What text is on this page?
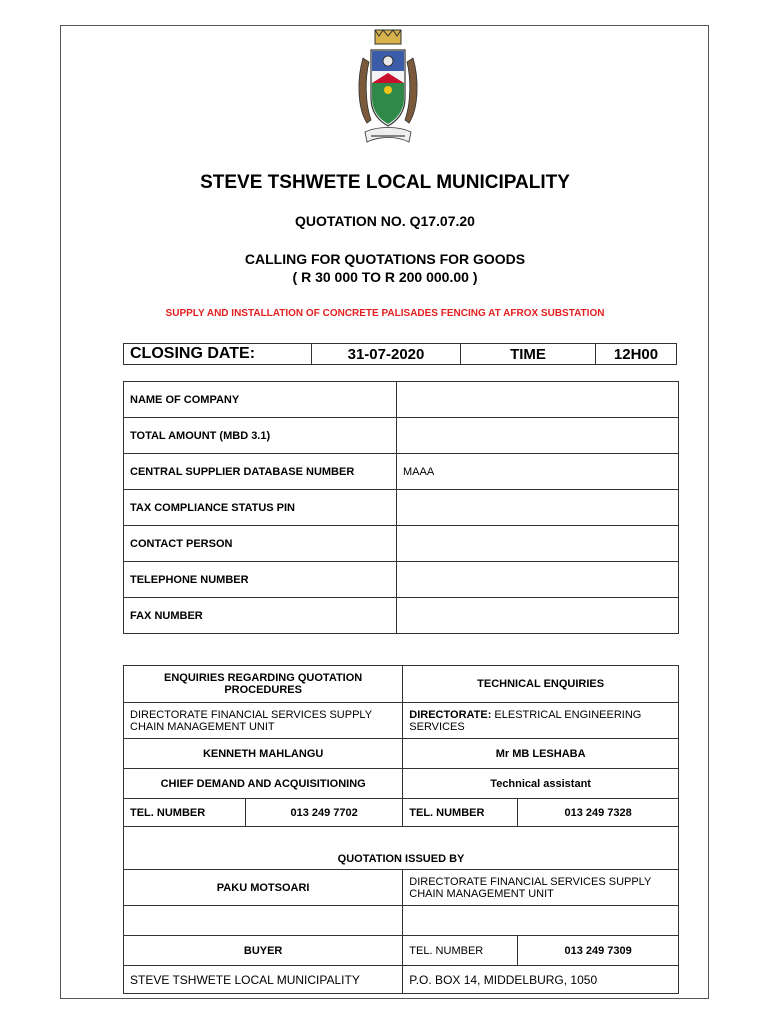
STEVE TSHWETE LOCAL MUNICIPALITY
QUOTATION NO. Q17.07.20
CALLING FOR QUOTATIONS FOR GOODS
( R 30 000 TO R 200 000.00 )
SUPPLY AND INSTALLATION OF CONCRETE PALISADES FENCING AT AFROX SUBSTATION
CLOSING DATE:	31-07-2020	TIME	12H00
NAME OF COMPANY	
TOTAL AMOUNT (MBD 3.1)	
CENTRAL SUPPLIER DATABASE NUMBER	MAAA
TAX COMPLIANCE STATUS PIN	
CONTACT PERSON	
TELEPHONE NUMBER	
FAX NUMBER	
ENQUIRIES REGARDING QUOTATION PROCEDURES		TECHNICAL ENQUIRIES	
DIRECTORATE FINANCIAL SERVICES SUPPLY CHAIN MANAGEMENT UNIT		DIRECTORATE: ELESTRICAL ENGINEERING SERVICES	
KENNETH MAHLANGU		Mr MB LESHABA	
CHIEF DEMAND AND ACQUISITIONING		Technical assistant	
TEL. NUMBER	013 249 7702	TEL. NUMBER	013 249 7328
QUOTATION ISSUED BY			
PAKU MOTSOARI		DIRECTORATE FINANCIAL SERVICES SUPPLY CHAIN MANAGEMENT UNIT	

BUYER		TEL. NUMBER	013 249 7309
STEVE TSHWETE LOCAL MUNICIPALITY		P.O. BOX 14, MIDDELBURG, 1050	
